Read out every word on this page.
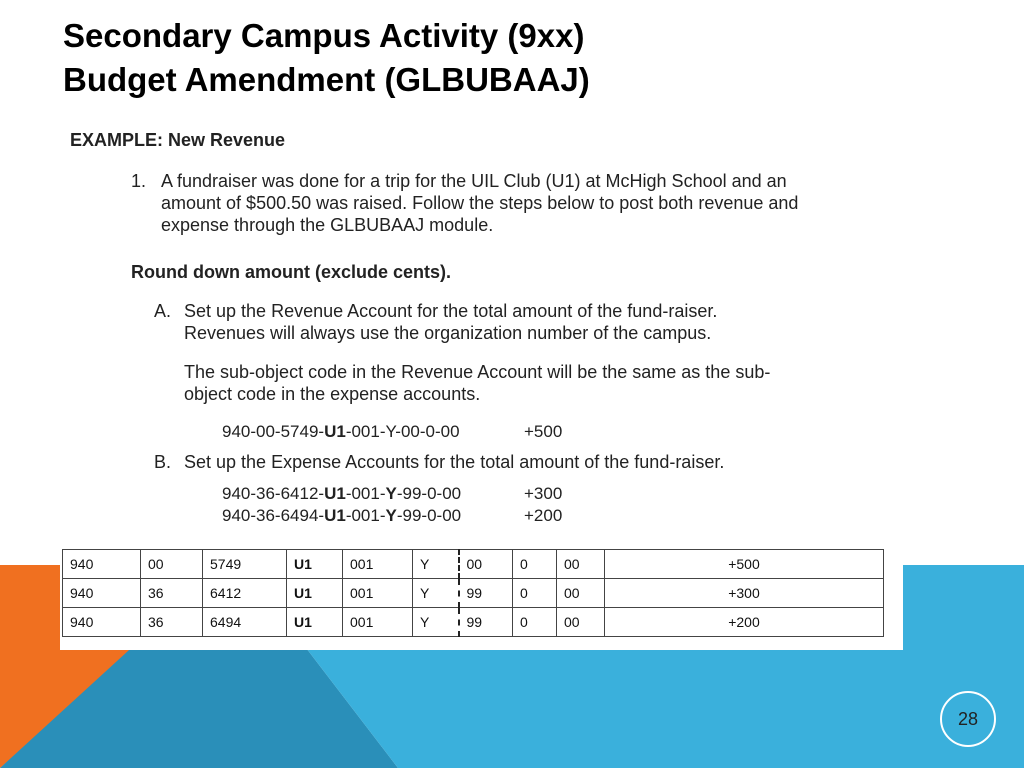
Secondary Campus Activity (9xx)
Budget Amendment (GLBUBAAJ)
EXAMPLE: New Revenue
1. A fundraiser was done for a trip for the UIL Club (U1) at McHigh School and an
amount of $500.50 was raised. Follow the steps below to post both revenue and
expense through the GLBUBAAJ module.
Round down amount (exclude cents).
A. Set up the Revenue Account for the total amount of the fund-raiser.
Revenues will always use the organization number of the campus.
The sub-object code in the Revenue Account will be the same as the sub-
object code in the expense accounts.
940-00-5749-U1-001-Y-00-0-00	+500
B. Set up the Expense Accounts for the total amount of the fund-raiser.
940-36-6412-U1-001-Y-99-0-00	+300
940-36-6494-U1-001-Y-99-0-00	+200
940	00	5749	U1	001	Y	00	0	00	+500
940	36	6412	U1	001	Y	99	0	00	+300
940	36	6494	U1	001	Y	99	0	00	+200
28
